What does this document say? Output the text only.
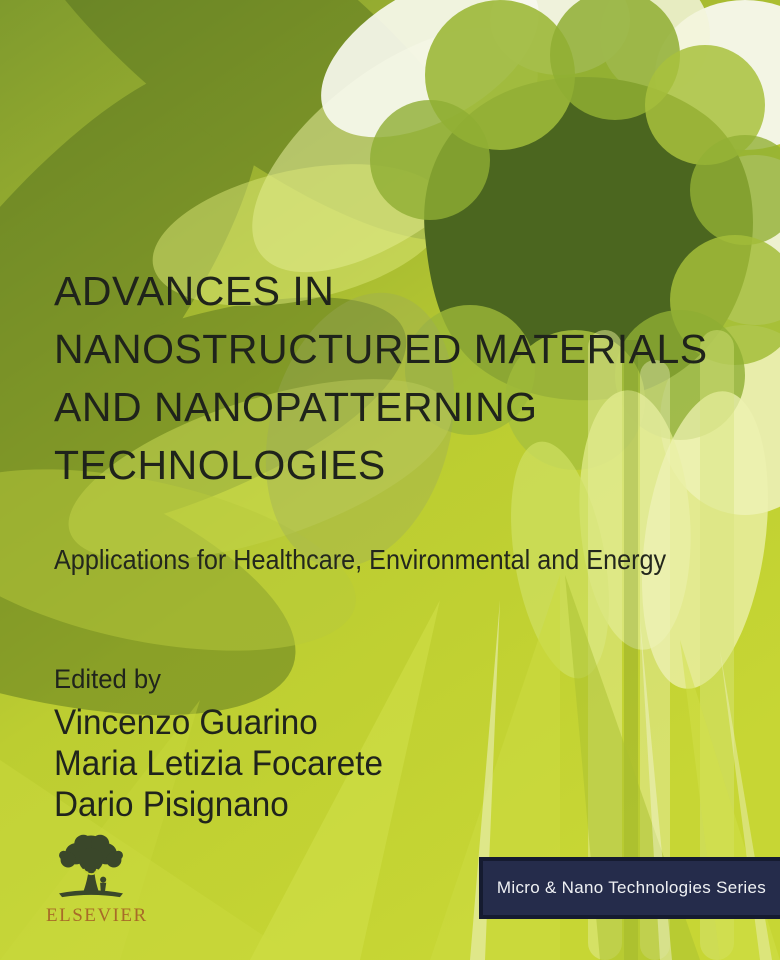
ADVANCES IN
NANOSTRUCTURED MATERIALS
AND NANOPATTERNING
TECHNOLOGIES
Applications for Healthcare, Environmental and Energy
Edited by
Vincenzo Guarino
Maria Letizia Focarete
Dario Pisignano
ELSEVIER
Micro & Nano Technologies Series
